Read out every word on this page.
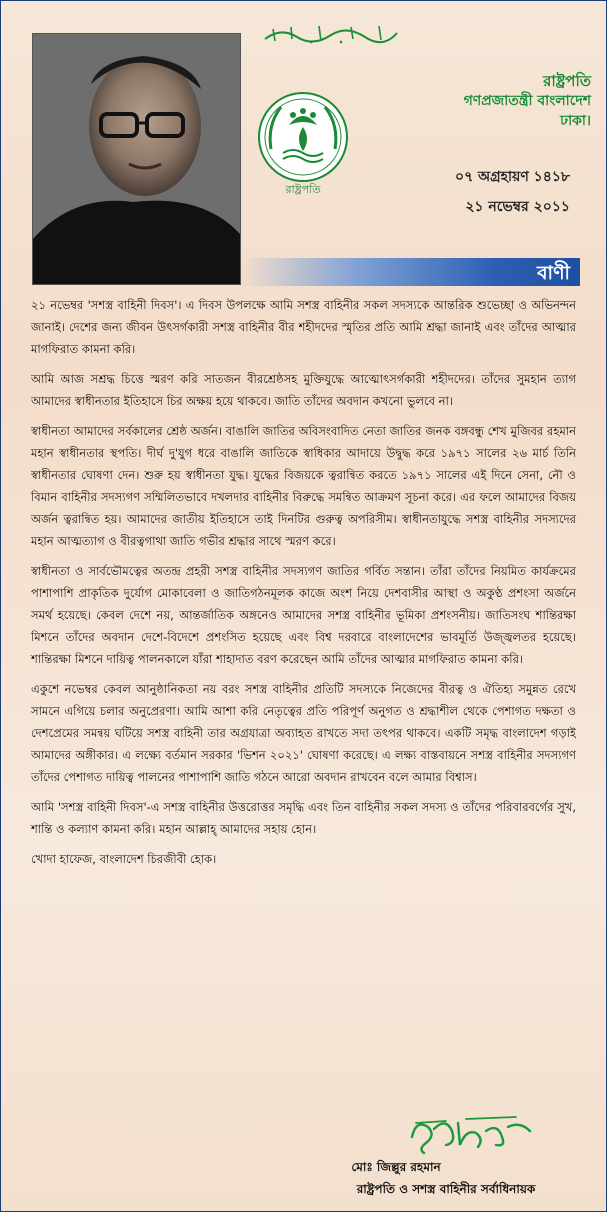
রাষ্ট্রপতি
রাষ্ট্রপতি
গণপ্রজাতন্ত্রী বাংলাদেশ
ঢাকা।
০৭ অগ্রহায়ণ ১৪১৮
২১ নভেম্বর ২০১১
বাণী

২১ নভেম্বর 'সশস্ত্র বাহিনী দিবস'। এ দিবস উপলক্ষে আমি সশস্ত্র বাহিনীর সকল সদস্যকে আন্তরিক শুভেচ্ছা ও অভিনন্দন জানাই। দেশের জন্য জীবন উৎসর্গকারী সশস্ত্র বাহিনীর বীর শহীদদের স্মৃতির প্রতি আমি শ্রদ্ধা জানাই এবং তাঁদের আত্মার মাগফিরাত কামনা করি।

আমি আজ সশ্রদ্ধ চিত্তে স্মরণ করি সাতজন বীরশ্রেষ্ঠসহ মুক্তিযুদ্ধে আত্মোৎসর্গকারী শহীদদের। তাঁদের সুমহান ত্যাগ আমাদের স্বাধীনতার ইতিহাসে চির অক্ষয় হয়ে থাকবে। জাতি তাঁদের অবদান কখনো ভুলবে না।

স্বাধীনতা আমাদের সর্বকালের শ্রেষ্ঠ অর্জন। বাঙালি জাতির অবিসংবাদিত নেতা জাতির জনক বঙ্গবন্ধু শেখ মুজিবর রহমান মহান স্বাধীনতার স্থপতি। দীর্ঘ দু'যুগ ধরে বাঙালি জাতিকে স্বাধিকার আদায়ে উদ্বুদ্ধ করে ১৯৭১ সালের ২৬ মার্চ তিনি স্বাধীনতার ঘোষণা দেন। শুরু হয় স্বাধীনতা যুদ্ধ। যুদ্ধের বিজয়কে ত্বরান্বিত করতে ১৯৭১ সালের এই দিনে সেনা, নৌ ও বিমান বাহিনীর সদস্যগণ সম্মিলিতভাবে দখলদার বাহিনীর বিরুদ্ধে সমন্বিত আক্রমণ সূচনা করে। এর ফলে আমাদের বিজয় অর্জন ত্বরান্বিত হয়। আমাদের জাতীয় ইতিহাসে তাই দিনটির গুরুত্ব অপরিসীম। স্বাধীনতাযুদ্ধে সশস্ত্র বাহিনীর সদস্যদের মহান আত্মত্যাগ ও বীরত্বগাথা জাতি গভীর শ্রদ্ধার সাথে স্মরণ করে।

স্বাধীনতা ও সার্বভৌমত্বের অতন্দ্র প্রহরী সশস্ত্র বাহিনীর সদস্যগণ জাতির গর্বিত সন্তান। তাঁরা তাঁদের নিয়মিত কার্যক্রমের পাশাপাশি প্রাকৃতিক দুর্যোগ মোকাবেলা ও জাতিগঠনমূলক কাজে অংশ নিয়ে দেশবাসীর আস্থা ও অকুণ্ঠ প্রশংসা অর্জনে সমর্থ হয়েছে। কেবল দেশে নয়, আন্তর্জাতিক অঙ্গনেও আমাদের সশস্ত্র বাহিনীর ভূমিকা প্রশংসনীয়। জাতিসংঘ শান্তিরক্ষা মিশনে তাঁদের অবদান দেশে-বিদেশে প্রশংসিত হয়েছে এবং বিশ্ব দরবারে বাংলাদেশের ভাবমূর্তি উজ্জ্বলতর হয়েছে। শান্তিরক্ষা মিশনে দায়িত্ব পালনকালে যাঁরা শাহাদাত বরণ করেছেন আমি তাঁদের আত্মার মাগফিরাত কামনা করি।

একুশে নভেম্বর কেবল আনুষ্ঠানিকতা নয় বরং সশস্ত্র বাহিনীর প্রতিটি সদস্যকে নিজেদের বীরত্ব ও ঐতিহ্য সমুন্নত রেখে সামনে এগিয়ে চলার অনুপ্রেরণা। আমি আশা করি নেতৃত্বের প্রতি পরিপূর্ণ অনুগত ও শ্রদ্ধাশীল থেকে পেশাগত দক্ষতা ও দেশপ্রেমের সমন্বয় ঘটিয়ে সশস্ত্র বাহিনী তার অগ্রযাত্রা অব্যাহত রাখতে সদা তৎপর থাকবে। একটি সমৃদ্ধ বাংলাদেশ গড়াই আমাদের অঙ্গীকার। এ লক্ষ্যে বর্তমান সরকার 'ভিশন ২০২১' ঘোষণা করেছে। এ লক্ষ্য বাস্তবায়নে সশস্ত্র বাহিনীর সদস্যগণ তাঁদের পেশাগত দায়িত্ব পালনের পাশাপাশি জাতি গঠনে আরো অবদান রাখবেন বলে আমার বিশ্বাস।

আমি 'সশস্ত্র বাহিনী দিবস'-এ সশস্ত্র বাহিনীর উত্তরোত্তর সমৃদ্ধি এবং তিন বাহিনীর সকল সদস্য ও তাঁদের পরিবারবর্গের সুখ, শান্তি ও কল্যাণ কামনা করি। মহান আল্লাহ্ আমাদের সহায় হোন।

খোদা হাফেজ, বাংলাদেশ চিরজীবী হোক।

মোঃ জিল্লুর রহমান
রাষ্ট্রপতি ও সশস্ত্র বাহিনীর সর্বাধিনায়ক
